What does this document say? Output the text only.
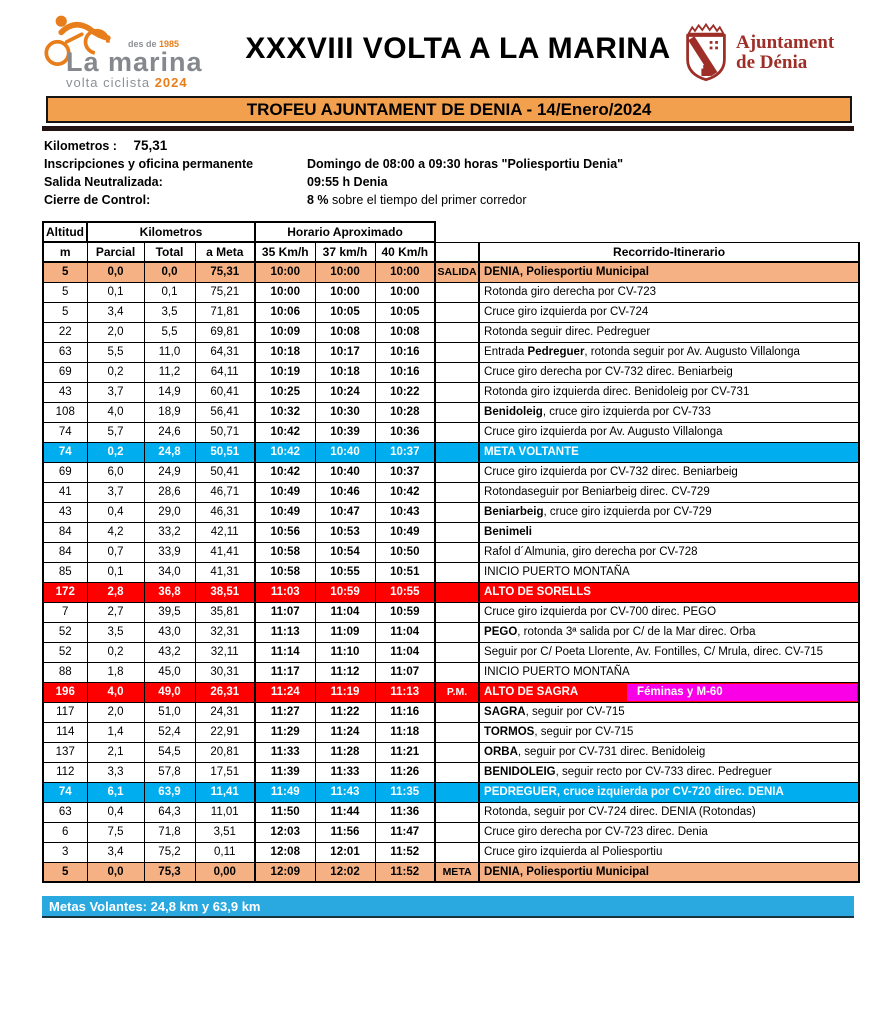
des de 1985
La marina
volta ciclista 2024
XXXVIII VOLTA A LA MARINA	Ajuntament
de Dénia
TROFEU AJUNTAMENT DE DENIA - 14/Enero/2024
Kilometros : 75,31
Inscripciones y oficina permanente	Domingo de 08:00 a 09:30 horas "Poliesportiu Denia"
Salida Neutralizada:	09:55 h Denia
Cierre de Control:	8 % sobre el tiempo del primer corredor
Altitud	Kilometros			Horario Aproximado				
m	Parcial	Total	a Meta	35 Km/h	37 km/h	40 Km/h		Recorrido-Itinerario
5	0,0	0,0	75,31	10:00	10:00	10:00	SALIDA	DENIA, Poliesportiu Municipal
5	0,1	0,1	75,21	10:00	10:00	10:00		Rotonda giro derecha por CV-723
5	3,4	3,5	71,81	10:06	10:05	10:05		Cruce giro izquierda por CV-724
22	2,0	5,5	69,81	10:09	10:08	10:08		Rotonda seguir direc. Pedreguer
63	5,5	11,0	64,31	10:18	10:17	10:16		Entrada Pedreguer, rotonda seguir por Av. Augusto Villalonga
69	0,2	11,2	64,11	10:19	10:18	10:16		Cruce giro derecha por CV-732 direc. Beniarbeig
43	3,7	14,9	60,41	10:25	10:24	10:22		Rotonda giro izquierda direc. Benidoleig por CV-731
108	4,0	18,9	56,41	10:32	10:30	10:28		Benidoleig, cruce giro izquierda por CV-733
74	5,7	24,6	50,71	10:42	10:39	10:36		Cruce giro izquierda por Av. Augusto Villalonga
74	0,2	24,8	50,51	10:42	10:40	10:37		META VOLTANTE
69	6,0	24,9	50,41	10:42	10:40	10:37		Cruce giro izquierda por CV-732 direc. Beniarbeig
41	3,7	28,6	46,71	10:49	10:46	10:42		Rotondaseguir por Beniarbeig direc. CV-729
43	0,4	29,0	46,31	10:49	10:47	10:43		Beniarbeig, cruce giro izquierda por CV-729
84	4,2	33,2	42,11	10:56	10:53	10:49		Benimeli
84	0,7	33,9	41,41	10:58	10:54	10:50		Rafol d´Almunia, giro derecha por CV-728
85	0,1	34,0	41,31	10:58	10:55	10:51		INICIO PUERTO MONTAÑA
172	2,8	36,8	38,51	11:03	10:59	10:55		ALTO DE SORELLS
7	2,7	39,5	35,81	11:07	11:04	10:59		Cruce giro izquierda por CV-700 direc. PEGO
52	3,5	43,0	32,31	11:13	11:09	11:04		PEGO, rotonda 3ª salida por C/ de la Mar direc. Orba
52	0,2	43,2	32,11	11:14	11:10	11:04		Seguir por C/ Poeta Llorente, Av. Fontilles, C/ Mrula, direc. CV-715
88	1,8	45,0	30,31	11:17	11:12	11:07		INICIO PUERTO MONTAÑA
196	4,0	49,0	26,31	11:24	11:19	11:13	P.M.	ALTO DE SAGRA Féminas y M-60

117	2,0	51,0	24,31	11:27	11:22	11:16		SAGRA, seguir por CV-715
114	1,4	52,4	22,91	11:29	11:24	11:18		TORMOS, seguir por CV-715
137	2,1	54,5	20,81	11:33	11:28	11:21		ORBA, seguir por CV-731 direc. Benidoleig
112	3,3	57,8	17,51	11:39	11:33	11:26		BENIDOLEIG, seguir recto por CV-733 direc. Pedreguer
74	6,1	63,9	11,41	11:49	11:43	11:35		PEDREGUER, cruce izquierda por CV-720 direc. DENIA
63	0,4	64,3	11,01	11:50	11:44	11:36		Rotonda, seguir por CV-724 direc. DENIA (Rotondas)
6	7,5	71,8	3,51	12:03	11:56	11:47		Cruce giro derecha por CV-723 direc. Denia
3	3,4	75,2	0,11	12:08	12:01	11:52		Cruce giro izquierda al Poliesportiu
5	0,0	75,3	0,00	12:09	12:02	11:52	META	DENIA, Poliesportiu Municipal
Metas Volantes: 24,8 km y 63,9 km
